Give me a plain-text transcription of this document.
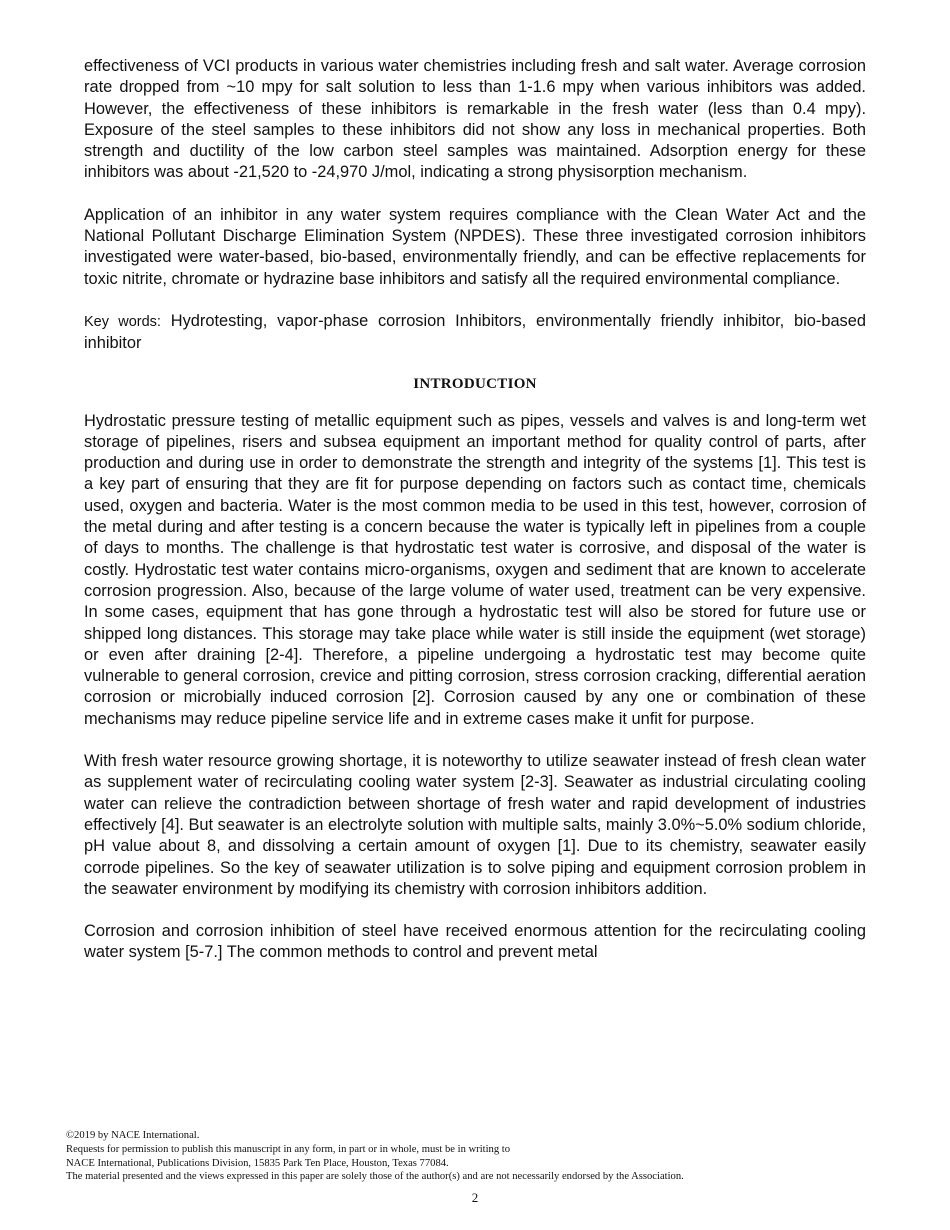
effectiveness of VCI products in various water chemistries including fresh and salt water. Average corrosion rate dropped from ~10 mpy for salt solution to less than 1-1.6 mpy when various inhibitors was added. However, the effectiveness of these inhibitors is remarkable in the fresh water (less than 0.4 mpy). Exposure of the steel samples to these inhibitors did not show any loss in mechanical properties. Both strength and ductility of the low carbon steel samples was maintained. Adsorption energy for these inhibitors was about -21,520 to -24,970 J/mol, indicating a strong physisorption mechanism.

Application of an inhibitor in any water system requires compliance with the Clean Water Act and the National Pollutant Discharge Elimination System (NPDES). These three investigated corrosion inhibitors investigated were water-based, bio-based, environmentally friendly, and can be effective replacements for toxic nitrite, chromate or hydrazine base inhibitors and satisfy all the required environmental compliance.

Key words: Hydrotesting, vapor-phase corrosion Inhibitors, environmentally friendly inhibitor, bio-based inhibitor

INTRODUCTION

Hydrostatic pressure testing of metallic equipment such as pipes, vessels and valves is and long-term wet storage of pipelines, risers and subsea equipment an important method for quality control of parts, after production and during use in order to demonstrate the strength and integrity of the systems [1]. This test is a key part of ensuring that they are fit for purpose depending on factors such as contact time, chemicals used, oxygen and bacteria. Water is the most common media to be used in this test, however, corrosion of the metal during and after testing is a concern because the water is typically left in pipelines from a couple of days to months. The challenge is that hydrostatic test water is corrosive, and disposal of the water is costly. Hydrostatic test water contains micro-organisms, oxygen and sediment that are known to accelerate corrosion progression. Also, because of the large volume of water used, treatment can be very expensive. In some cases, equipment that has gone through a hydrostatic test will also be stored for future use or shipped long distances. This storage may take place while water is still inside the equipment (wet storage) or even after draining [2-4]. Therefore, a pipeline undergoing a hydrostatic test may become quite vulnerable to general corrosion, crevice and pitting corrosion, stress corrosion cracking, differential aeration corrosion or microbially induced corrosion [2]. Corrosion caused by any one or combination of these mechanisms may reduce pipeline service life and in extreme cases make it unfit for purpose.

With fresh water resource growing shortage, it is noteworthy to utilize seawater instead of fresh clean water as supplement water of recirculating cooling water system [2-3]. Seawater as industrial circulating cooling water can relieve the contradiction between shortage of fresh water and rapid development of industries effectively [4]. But seawater is an electrolyte solution with multiple salts, mainly 3.0%~5.0% sodium chloride, pH value about 8, and dissolving a certain amount of oxygen [1]. Due to its chemistry, seawater easily corrode pipelines. So the key of seawater utilization is to solve piping and equipment corrosion problem in the seawater environment by modifying its chemistry with corrosion inhibitors addition.

Corrosion and corrosion inhibition of steel have received enormous attention for the recirculating cooling water system [5-7.] The common methods to control and prevent metal

©2019 by NACE International.
Requests for permission to publish this manuscript in any form, in part or in whole, must be in writing to
NACE International, Publications Division, 15835 Park Ten Place, Houston, Texas 77084.
The material presented and the views expressed in this paper are solely those of the author(s) and are not necessarily endorsed by the Association.
2
